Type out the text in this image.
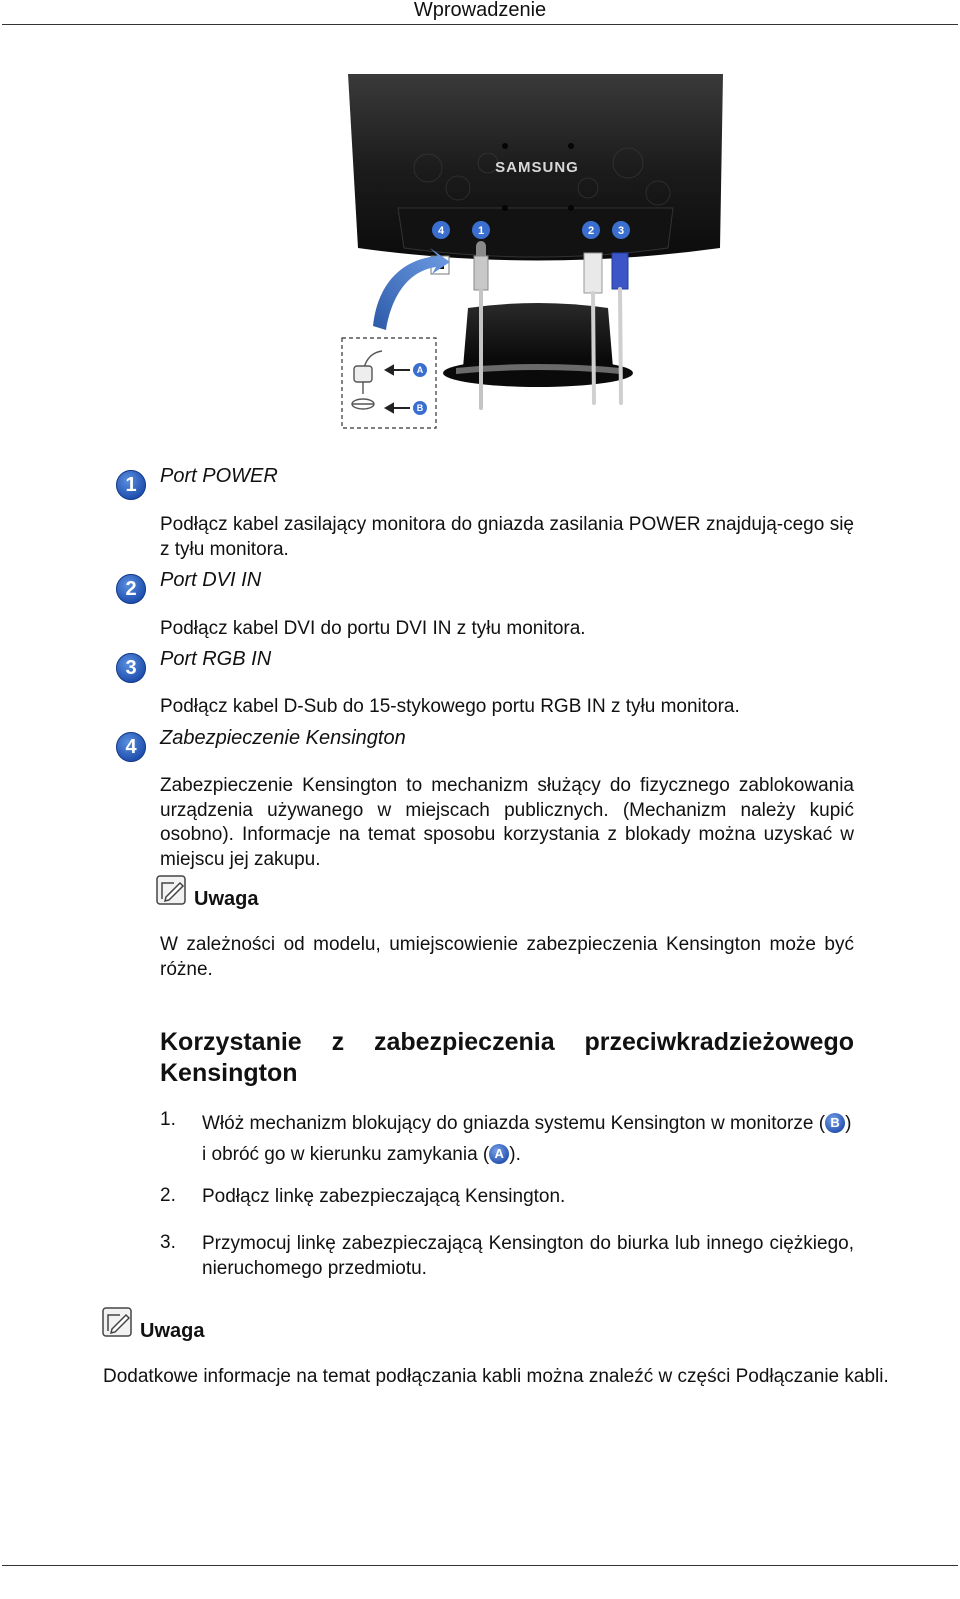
Wprowadzenie
SAMSUNG
4	1	2 3
A
B
1	Port POWER

Podłącz kabel zasilający monitora do gniazda zasilania POWER znajdują-cego się z tyłu monitora.

2	Port DVI IN

Podłącz kabel DVI do portu DVI IN z tyłu monitora.

3	Port RGB IN

Podłącz kabel D-Sub do 15-stykowego portu RGB IN z tyłu monitora.

4	Zabezpieczenie Kensington

Zabezpieczenie Kensington to mechanizm służący do fizycznego zablokowania urządzenia używanego w miejscach publicznych. (Mechanizm należy kupić osobno). Informacje na temat sposobu korzystania z blokady można uzyskać w miejscu jej zakupu.

Uwaga

W zależności od modelu, umiejscowienie zabezpieczenia Kensington może być różne.

Korzystanie z zabezpieczenia przeciwkradzieżowego Kensington
1. Włóż mechanizm blokujący do gniazda systemu Kensington w monitorze ( B ) i obróć go w kierunku zamykania ( A ).

2. Podłącz linkę zabezpieczającą Kensington.

3. Przymocuj linkę zabezpieczającą Kensington do biurka lub innego ciężkiego, nieruchomego przedmiotu.

Uwaga

Dodatkowe informacje na temat podłączania kabli można znaleźć w części Podłączanie kabli.
